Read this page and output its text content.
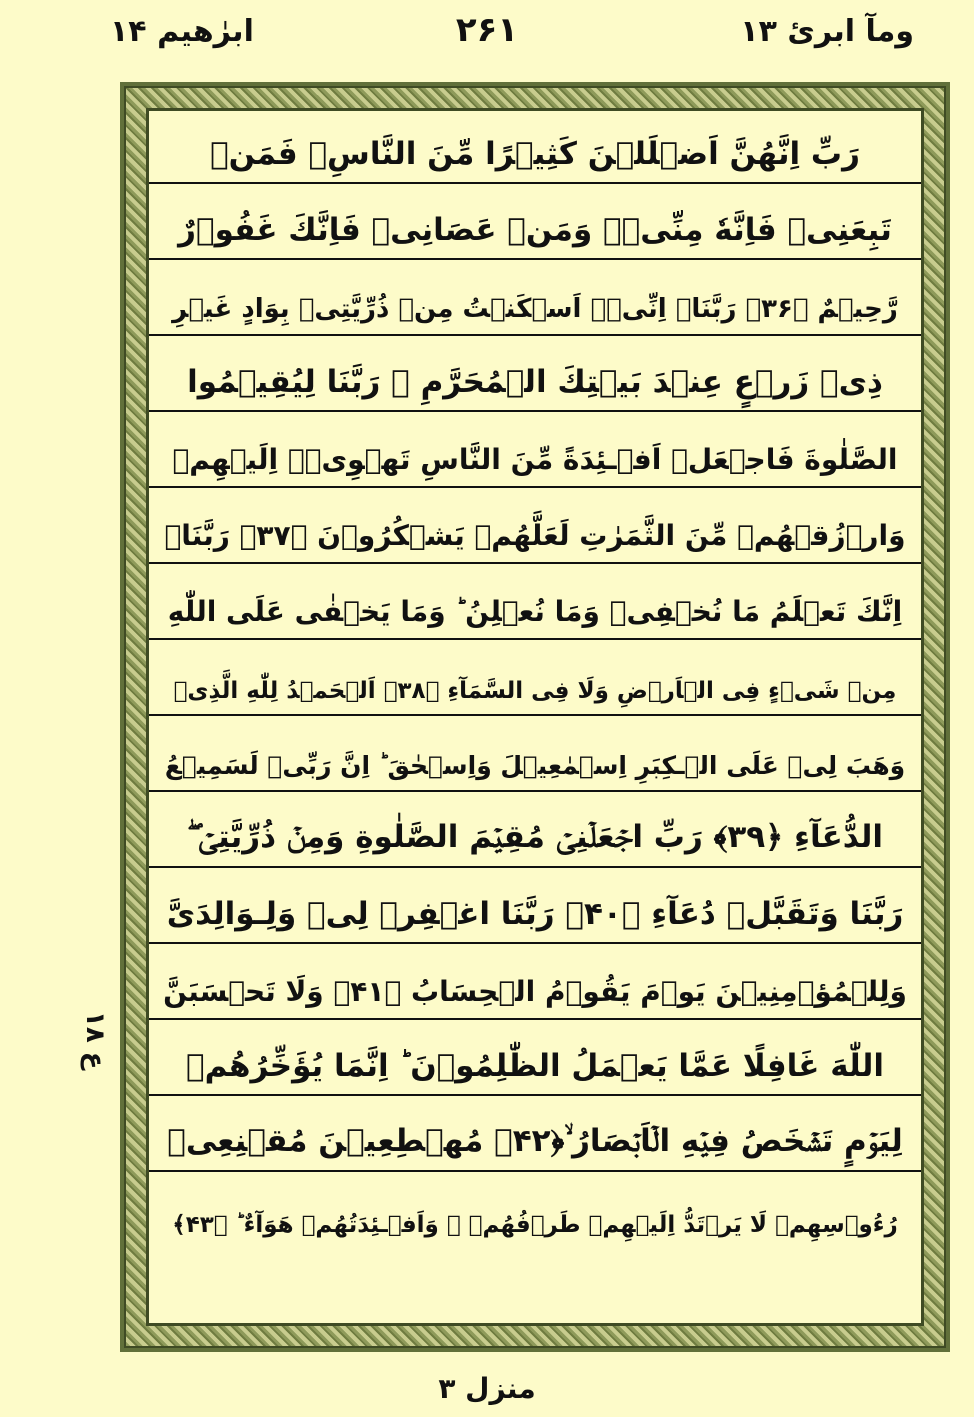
ابرٰھیم ۱۴	۲۶۱	ومآ ابرئ ۱۳
۱۸ ع
رَبِّ اِنَّهُنَّ اَضۡلَلۡنَ كَثِيۡرًا مِّنَ النَّاسِ‌ۚ فَمَنۡ
تَبِعَنِىۡ فَاِنَّهٗ مِنِّىۡ‌ۚ وَمَنۡ عَصَانِىۡ فَاِنَّكَ غَفُوۡرٌ
رَّحِيۡمٌ ﴿۳۶﴾ رَبَّنَاۤ اِنِّىۡۤ اَسۡكَنۡتُ مِنۡ ذُرِّيَّتِىۡ بِوَادٍ غَيۡرِ
ذِىۡ زَرۡعٍ عِنۡدَ بَيۡتِكَ الۡمُحَرَّمِ ۙ رَبَّنَا لِيُقِيۡمُوا
الصَّلٰوةَ فَاجۡعَلۡ اَفۡـئِدَةً مِّنَ النَّاسِ تَهۡوِىۡۤ اِلَيۡهِمۡ
وَارۡزُقۡهُمۡ مِّنَ الثَّمَرٰتِ لَعَلَّهُمۡ يَشۡكُرُوۡنَ ﴿۳۷﴾ رَبَّنَاۤ
اِنَّكَ تَعۡلَمُ مَا نُخۡفِىۡ وَمَا نُعۡلِنُ‌ ؕ وَمَا يَخۡفٰى عَلَى اللّٰهِ
مِنۡ شَىۡءٍ فِى الۡاَرۡضِ وَلَا فِى السَّمَآءِ ﴿۳۸﴾ اَلۡحَمۡدُ لِلّٰهِ الَّذِىۡ
وَهَبَ لِىۡ عَلَى الۡـكِبَرِ اِسۡمٰعِيۡلَ وَاِسۡحٰقَ‌ ؕ اِنَّ رَبِّىۡ لَسَمِيۡعُ
الدُّعَآءِ ﴿۳۹﴾ رَبِّ اجۡعَلۡنِىۡ مُقِيۡمَ الصَّلٰوةِ وَمِنۡ ذُرِّيَّتِىۡ‌ ‌ۖ
رَبَّنَا وَتَقَبَّلۡ دُعَآءِ ﴿۴۰﴾ رَبَّنَا اغۡفِرۡ لِىۡ وَلِـوَالِدَىَّ
وَلِلۡمُؤۡمِنِيۡنَ يَوۡمَ يَقُوۡمُ الۡحِسَابُ ﴿۴۱﴾ وَلَا تَحۡسَبَنَّ
اللّٰهَ غَافِلًا عَمَّا يَعۡمَلُ الظّٰلِمُوۡنَ ؕ اِنَّمَا يُؤَخِّرُهُمۡ
لِيَوۡمٍ تَشۡخَصُ فِيۡهِ الۡاَبۡصَارُ ۙ﴿۴۲﴾ مُهۡطِعِيۡنَ مُقۡنِعِىۡ
رُءُوۡسِهِمۡ لَا يَرۡتَدُّ اِلَيۡهِمۡ طَرۡفُهُمۡ‌ ۚ وَاَفۡـئِدَتُهُمۡ هَوَآءٌ ؕ ﴿۴۳﴾
منزل ۳
